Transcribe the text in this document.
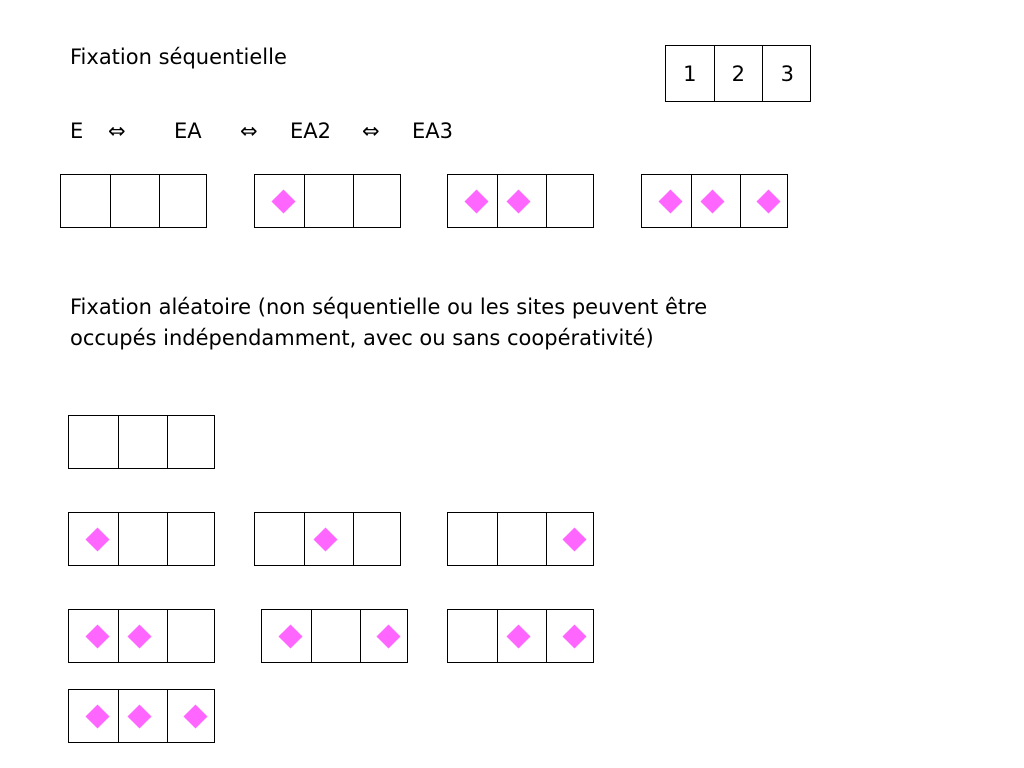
Fixation séquentielle
1	2	3
E ⇔ EA ⇔ EA2 ⇔ EA3
Fixation aléatoire (non séquentielle ou les sites peuvent être
occupés indépendamment, avec ou sans coopérativité)
